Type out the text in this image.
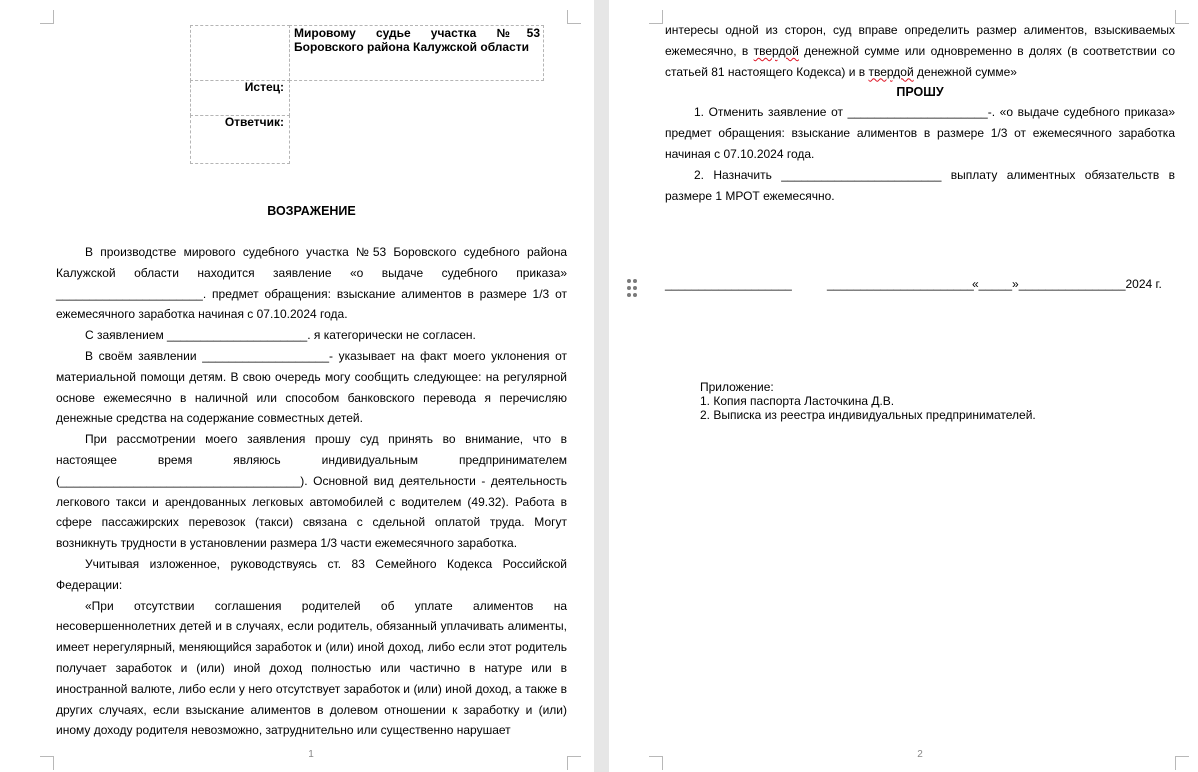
Мировому судье участка №53
Боровского района Калужской области
Истец:
Ответчик:
ВОЗРАЖЕНИЕ

В производстве мирового судебного участка №53 Боровского судебного района Калужской области находится заявление «о выдаче судебного приказа» ______________________. предмет обращения: взыскание алиментов в размере 1/3 от ежемесячного заработка начиная с 07.10.2024 года.

С заявлением _____________________. я категорически не согласен.

В своём заявлении ___________________- указывает на факт моего уклонения от материальной помощи детям. В свою очередь могу сообщить следующее: на регулярной основе ежемесячно в наличной или способом банковского перевода я перечисляю денежные средства на содержание совместных детей.

При рассмотрении моего заявления прошу суд принять во внимание, что в настоящее время являюсь индивидуальным предпринимателем (____________________________________). Основной вид деятельности - деятельность легкового такси и арендованных легковых автомобилей с водителем (49.32). Работа в сфере пассажирских перевозок (такси) связана с сдельной оплатой труда. Могут возникнуть трудности в установлении размера 1/3 части ежемесячного заработка.

Учитывая изложенное, руководствуясь ст. 83 Семейного Кодекса Российской Федерации:

«При отсутствии соглашения родителей об уплате алиментов на несовершеннолетних детей и в случаях, если родитель, обязанный уплачивать алименты, имеет нерегулярный, меняющийся заработок и (или) иной доход, либо если этот родитель получает заработок и (или) иной доход полностью или частично в натуре или в иностранной валюте, либо если у него отсутствует заработок и (или) иной доход, а также в других случаях, если взыскание алиментов в долевом отношении к заработку и (или) иному доходу родителя невозможно, затруднительно или существенно нарушает

1

интересы одной из сторон, суд вправе определить размер алиментов, взыскиваемых ежемесячно, в твердой денежной сумме или одновременно в долях (в соответствии со статьей 81 настоящего Кодекса) и в твердой денежной сумме»

ПРОШУ

1. Отменить заявление от _____________________-. «о выдаче судебного приказа» предмет обращения: взыскание алиментов в размере 1/3 от ежемесячного заработка начиная с 07.10.2024 года.

2. Назначить ________________________ выплату алиментных обязательств в размере 1 МРОТ ежемесячно.

___________________	______________________
«_____»________________2024 г.
Приложение:
1. Копия паспорта Ласточкина Д.В.
2. Выписка из реестра индивидуальных предпринимателей.
2
